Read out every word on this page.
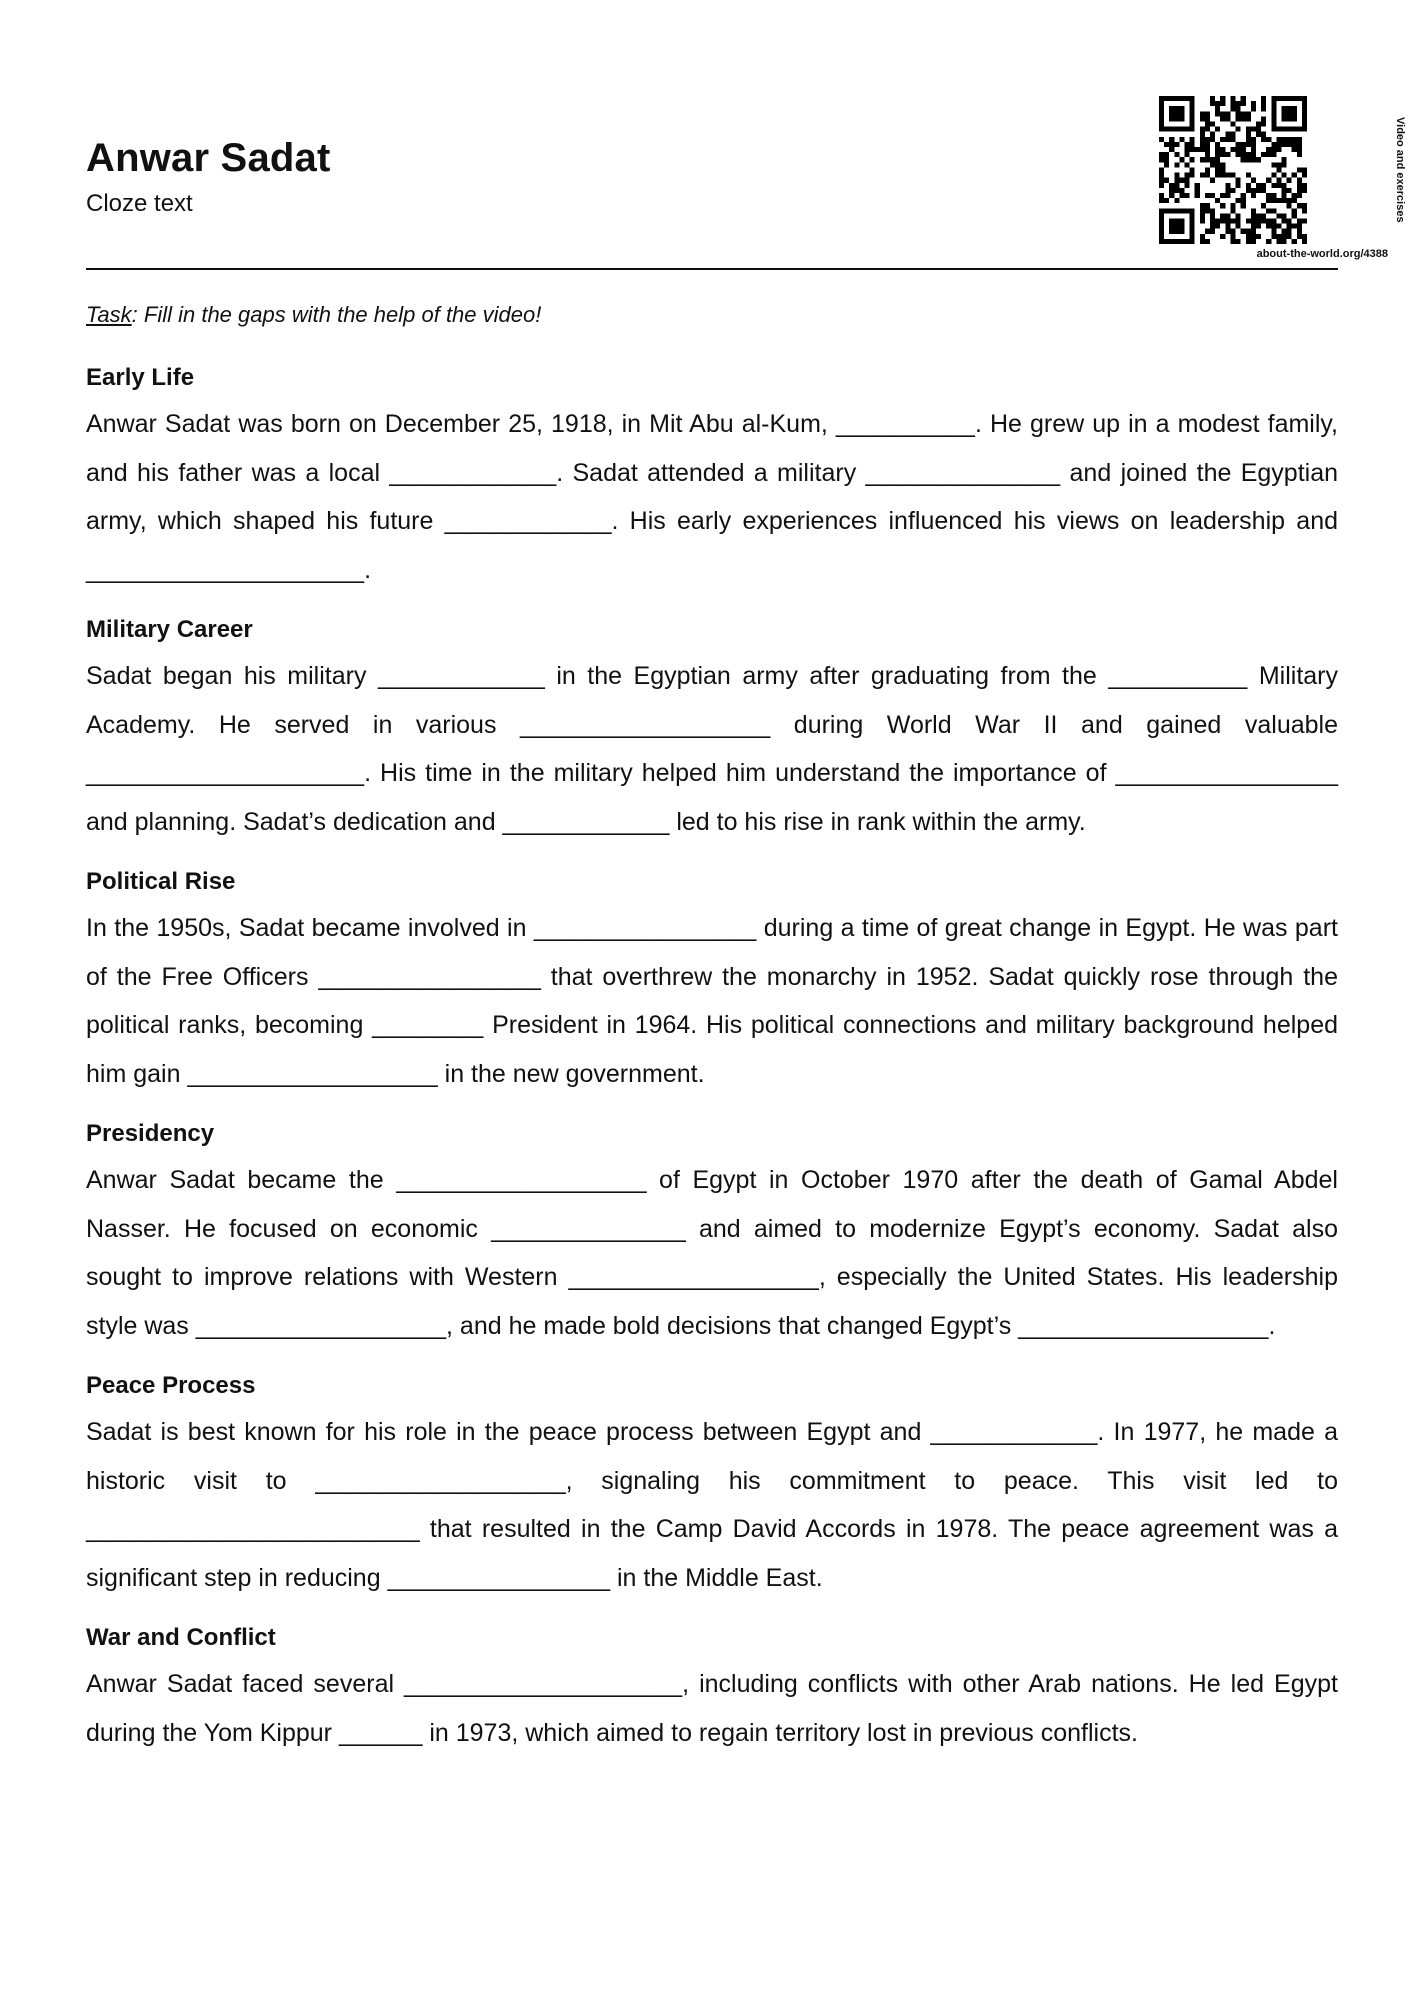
Anwar Sadat
Cloze text	Video and exercises
about-the-world.org/4388
Task: Fill in the gaps with the help of the video!
Early Life

Anwar Sadat was born on December 25, 1918, in Mit Abu al-Kum, __________. He grew up in a modest family, and his father was a local ____________. Sadat attended a military ______________ and joined the Egyptian army, which shaped his future ____________. His early experiences influenced his views on leadership and ____________________.

Military Career

Sadat began his military ____________ in the Egyptian army after graduating from the __________ Military Academy. He served in various __________________ during World War II and gained valuable ____________________. His time in the military helped him understand the importance of ________________ and planning. Sadat’s dedication and ____________ led to his rise in rank within the army.

Political Rise

In the 1950s, Sadat became involved in ________________ during a time of great change in Egypt. He was part of the Free Officers ________________ that overthrew the monarchy in 1952. Sadat quickly rose through the political ranks, becoming ________ President in 1964. His political connections and military background helped him gain __________________ in the new government.

Presidency

Anwar Sadat became the __________________ of Egypt in October 1970 after the death of Gamal Abdel Nasser. He focused on economic ______________ and aimed to modernize Egypt’s economy. Sadat also sought to improve relations with Western __________________, especially the United States. His leadership style was __________________, and he made bold decisions that changed Egypt’s __________________.

Peace Process

Sadat is best known for his role in the peace process between Egypt and ____________. In 1977, he made a historic visit to __________________, signaling his commitment to peace. This visit led to ________________________ that resulted in the Camp David Accords in 1978. The peace agreement was a significant step in reducing ________________ in the Middle East.

War and Conflict

Anwar Sadat faced several ____________________, including conflicts with other Arab nations. He led Egypt during the Yom Kippur ______ in 1973, which aimed to regain territory lost in previous conflicts.
